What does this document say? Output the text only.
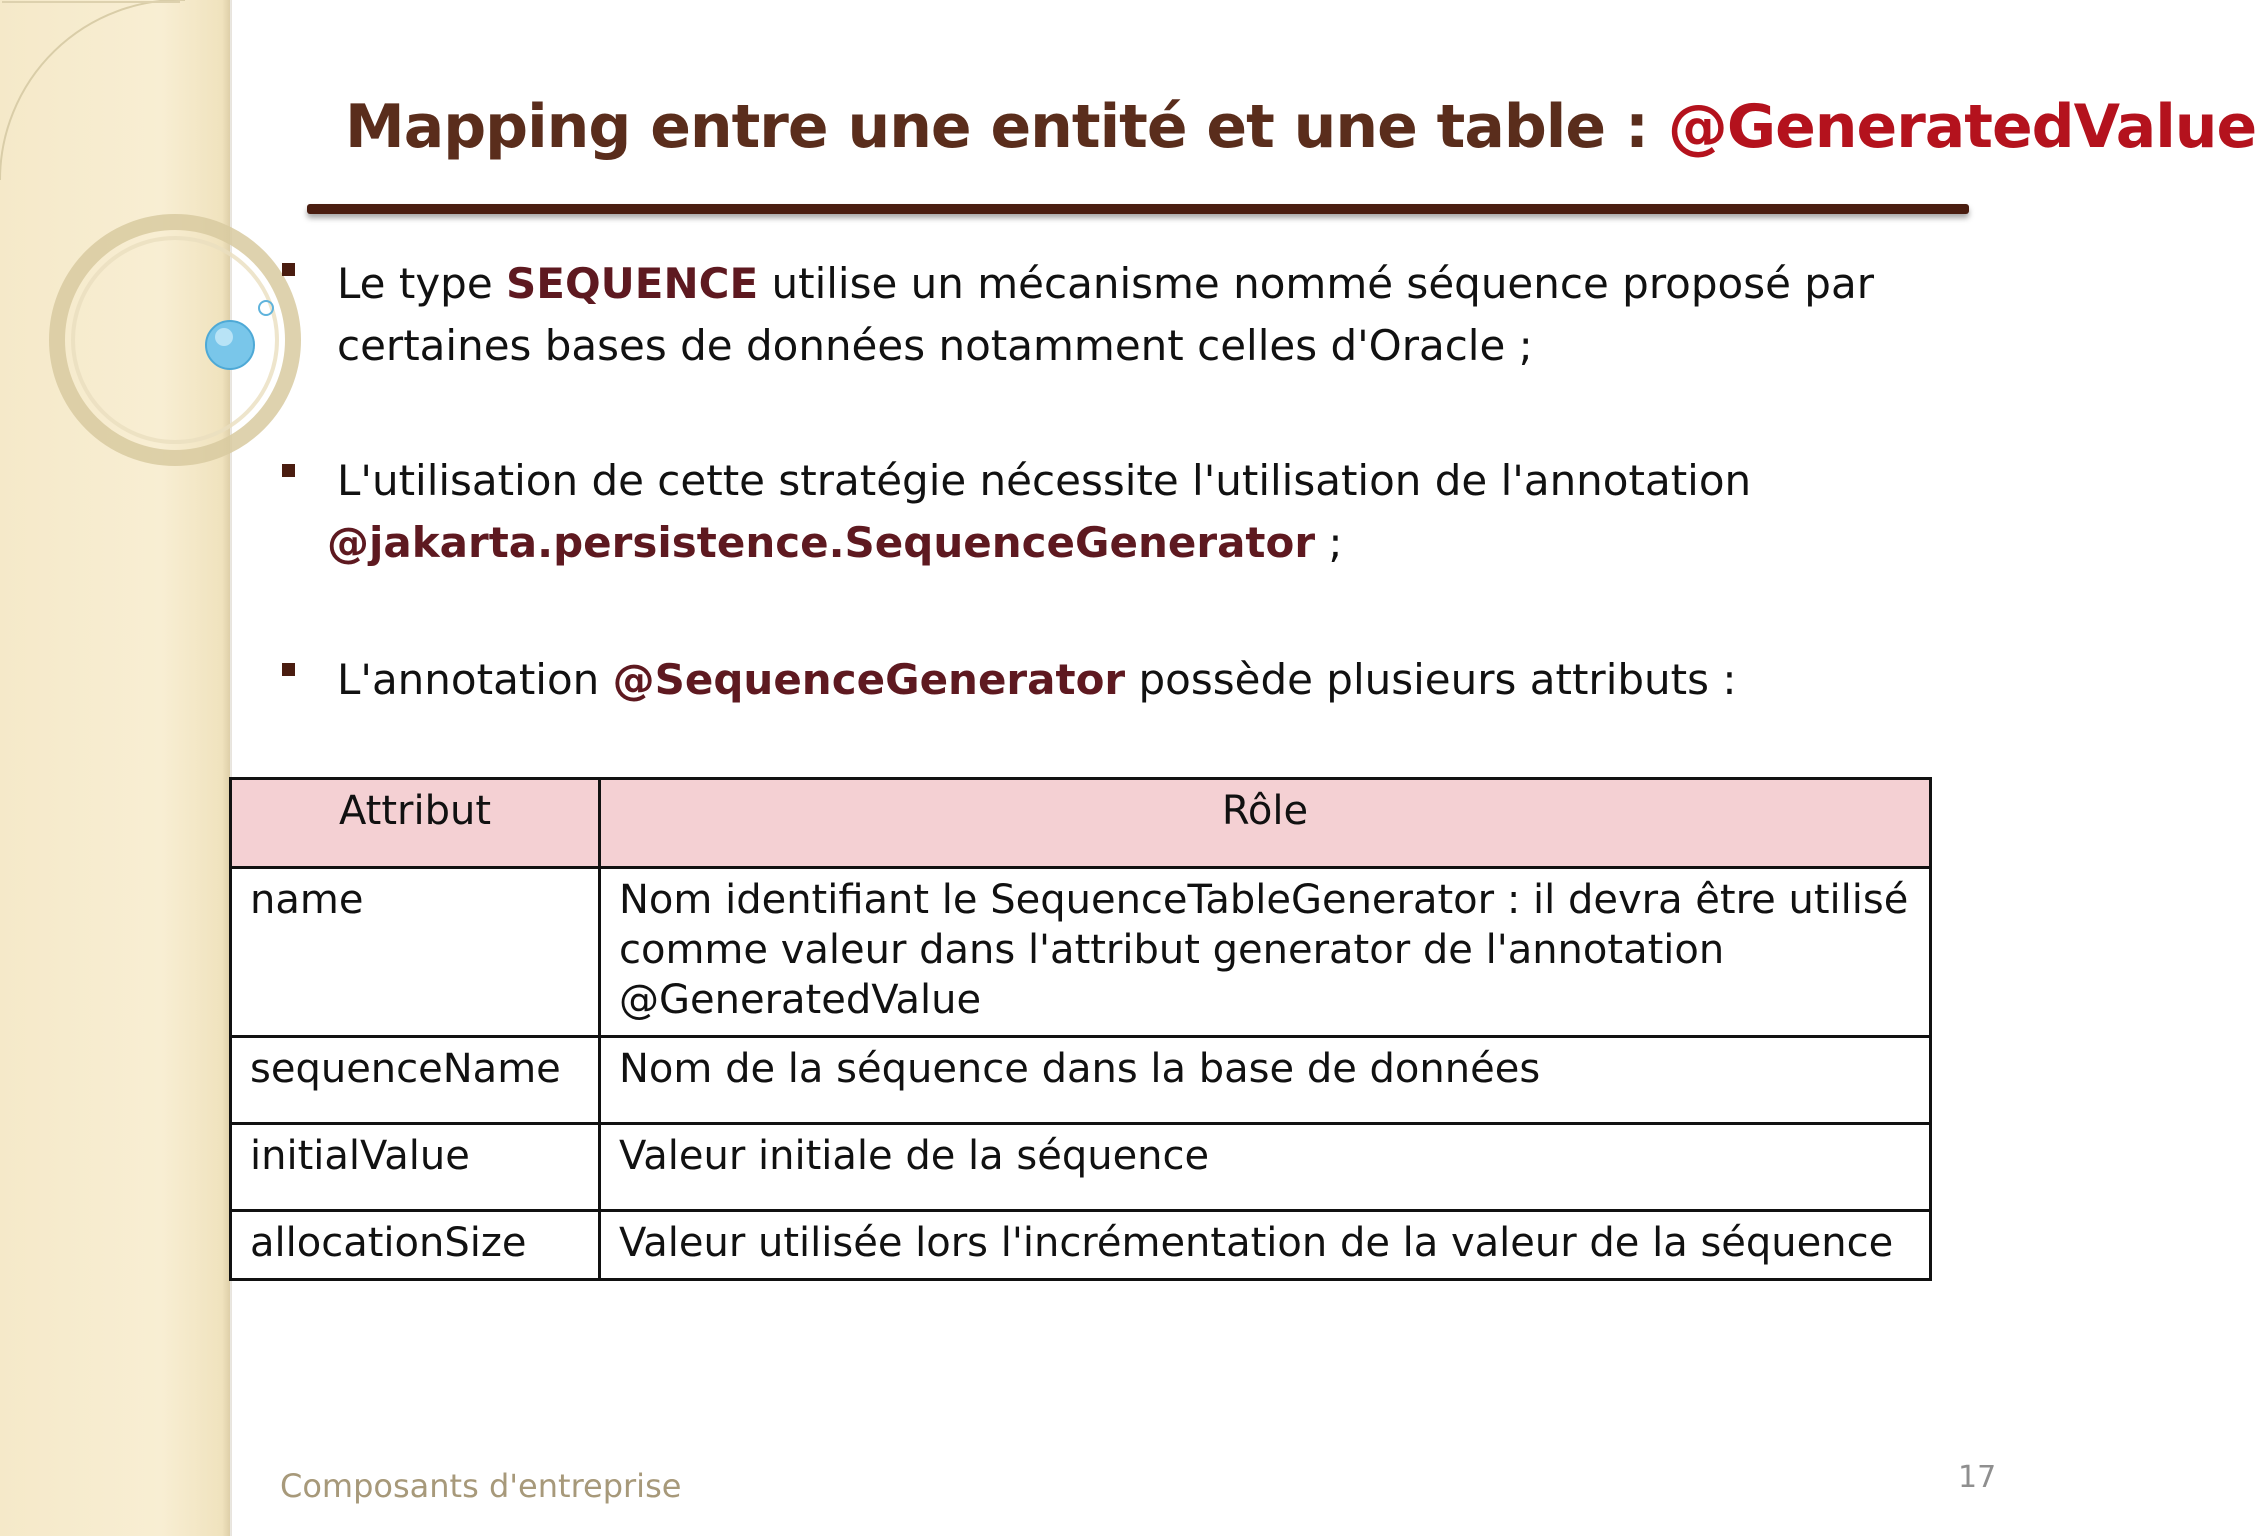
Mapping entre une entité et une table : @GeneratedValue
Le type SEQUENCE utilise un mécanisme nommé séquence proposé par certaines bases de données notamment celles d'Oracle ;
L'utilisation de cette stratégie nécessite l'utilisation de l'annotation
@jakarta.persistence.SequenceGenerator ;
L'annotation @SequenceGenerator possède plusieurs attributs :
Attribut	Rôle
name	Nom identifiant le SequenceTableGenerator : il devra être utilisé comme valeur dans l'attribut generator de l'annotation @GeneratedValue
sequenceName	Nom de la séquence dans la base de données
initialValue	Valeur initiale de la séquence
allocationSize	Valeur utilisée lors l'incrémentation de la valeur de la séquence
Composants d'entreprise	17
